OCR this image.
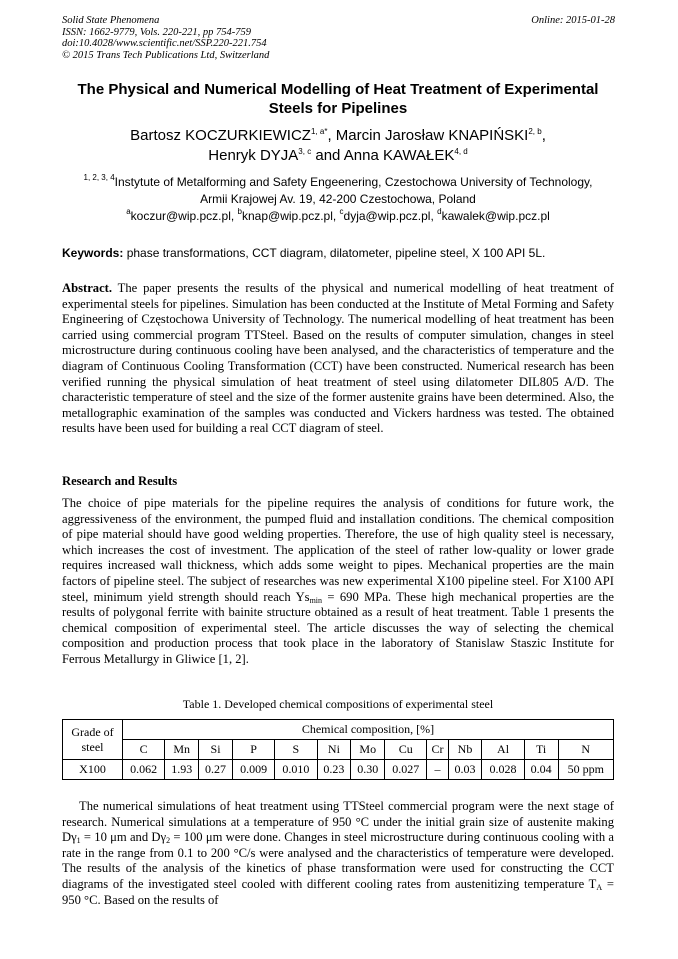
Solid State Phenomena
ISSN: 1662-9779, Vols. 220-221, pp 754-759
doi:10.4028/www.scientific.net/SSP.220-221.754
© 2015 Trans Tech Publications Ltd, Switzerland
Online: 2015-01-28
The Physical and Numerical Modelling of Heat Treatment of Experimental Steels for Pipelines
Bartosz $KOCZURKIEWICZ^{1, a*}$, Marcin Jarosław KNAPIŃSKI$^{2, b}$,
Henryk DYJA$^{3, c}$ and Anna KAWAŁEK$^{4, d}$
$^{1, 2, 3, 4}$Instytute of Metalforming and Safety Engeenering, Czestochowa University of Technology,
Armii Krajowej Av. 19, 42-200 Czestochowa, Poland
$^a$koczur@wip.pcz.pl, $^b$knap@wip.pcz.pl, $^c$dyja@wip.pcz.pl, $^d$kawalek@wip.pcz.pl
Keywords: phase transformations, CCT diagram, dilatometer, pipeline steel, X 100 API 5L.
Abstract. The paper presents the results of the physical and numerical modelling of heat treatment of experimental steels for pipelines. Simulation has been conducted at the Institute of Metal Forming and Safety Engineering of Częstochowa University of Technology. The numerical modelling of heat treatment has been carried using commercial program TTSteel. Based on the results of computer simulation, changes in steel microstructure during continuous cooling have been analysed, and the characteristics of temperature and the diagram of Continuous Cooling Transformation (CCT) have been constructed. Numerical research has been verified running the physical simulation of heat treatment of steel using dilatometer DIL805 A/D. The characteristic temperature of steel and the size of the former austenite grains have been determined. Also, the metallographic examination of the samples was conducted and Vickers hardness was tested. The obtained results have been used for building a real CCT diagram of steel.
Research and Results
The choice of pipe materials for the pipeline requires the analysis of conditions for future work, the aggressiveness of the environment, the pumped fluid and installation conditions. The chemical composition of pipe material should have good welding properties. Therefore, the use of high quality steel is necessary, which increases the cost of investment. The application of the steel of rather low-quality or lower grade requires increased wall thickness, which adds some weight to pipes. Mechanical properties are the main factors of pipeline steel. The subject of researches was new experimental X100 pipeline steel. For X100 API steel, minimum yield strength should reach $Ys_{min} = 690$ MPa. These high mechanical properties are the results of polygonal ferrite with bainite structure obtained as a result of heat treatment. Table 1 presents the chemical composition of experimental steel. The article discusses the way of selecting the chemical composition and production process that took place in the laboratory of Stanislaw Staszic Institute for Ferrous Metallurgy in Gliwice [1, 2].
Table 1. Developed chemical compositions of experimental steel
Grade of steel	Chemical composition, [%]												
	C	Mn	Si	P	S	Ni	Mo	Cu	Cr	Nb	Al	Ti	N
X100	0.062	1.93	0.27	0.009	0.010	0.23	0.30	0.027	–	0.03	0.028	0.04	50 ppm
The numerical simulations of heat treatment using TTSteel commercial program were the next stage of research. Numerical simulations at a temperature of 950 °C under the initial grain size of austenite making $D\gamma_1 = 10$ μm and $D\gamma_2 = 100$ μm were done. Changes in steel microstructure during continuous cooling with a rate in the range from 0.1 to 200 °C/s were analysed and the characteristics of temperature were developed. The results of the analysis of the kinetics of phase transformation were used for constructing the CCT diagrams of the investigated steel cooled with different cooling rates from austenitizing temperature $T_A = 950$ °C. Based on the results of
